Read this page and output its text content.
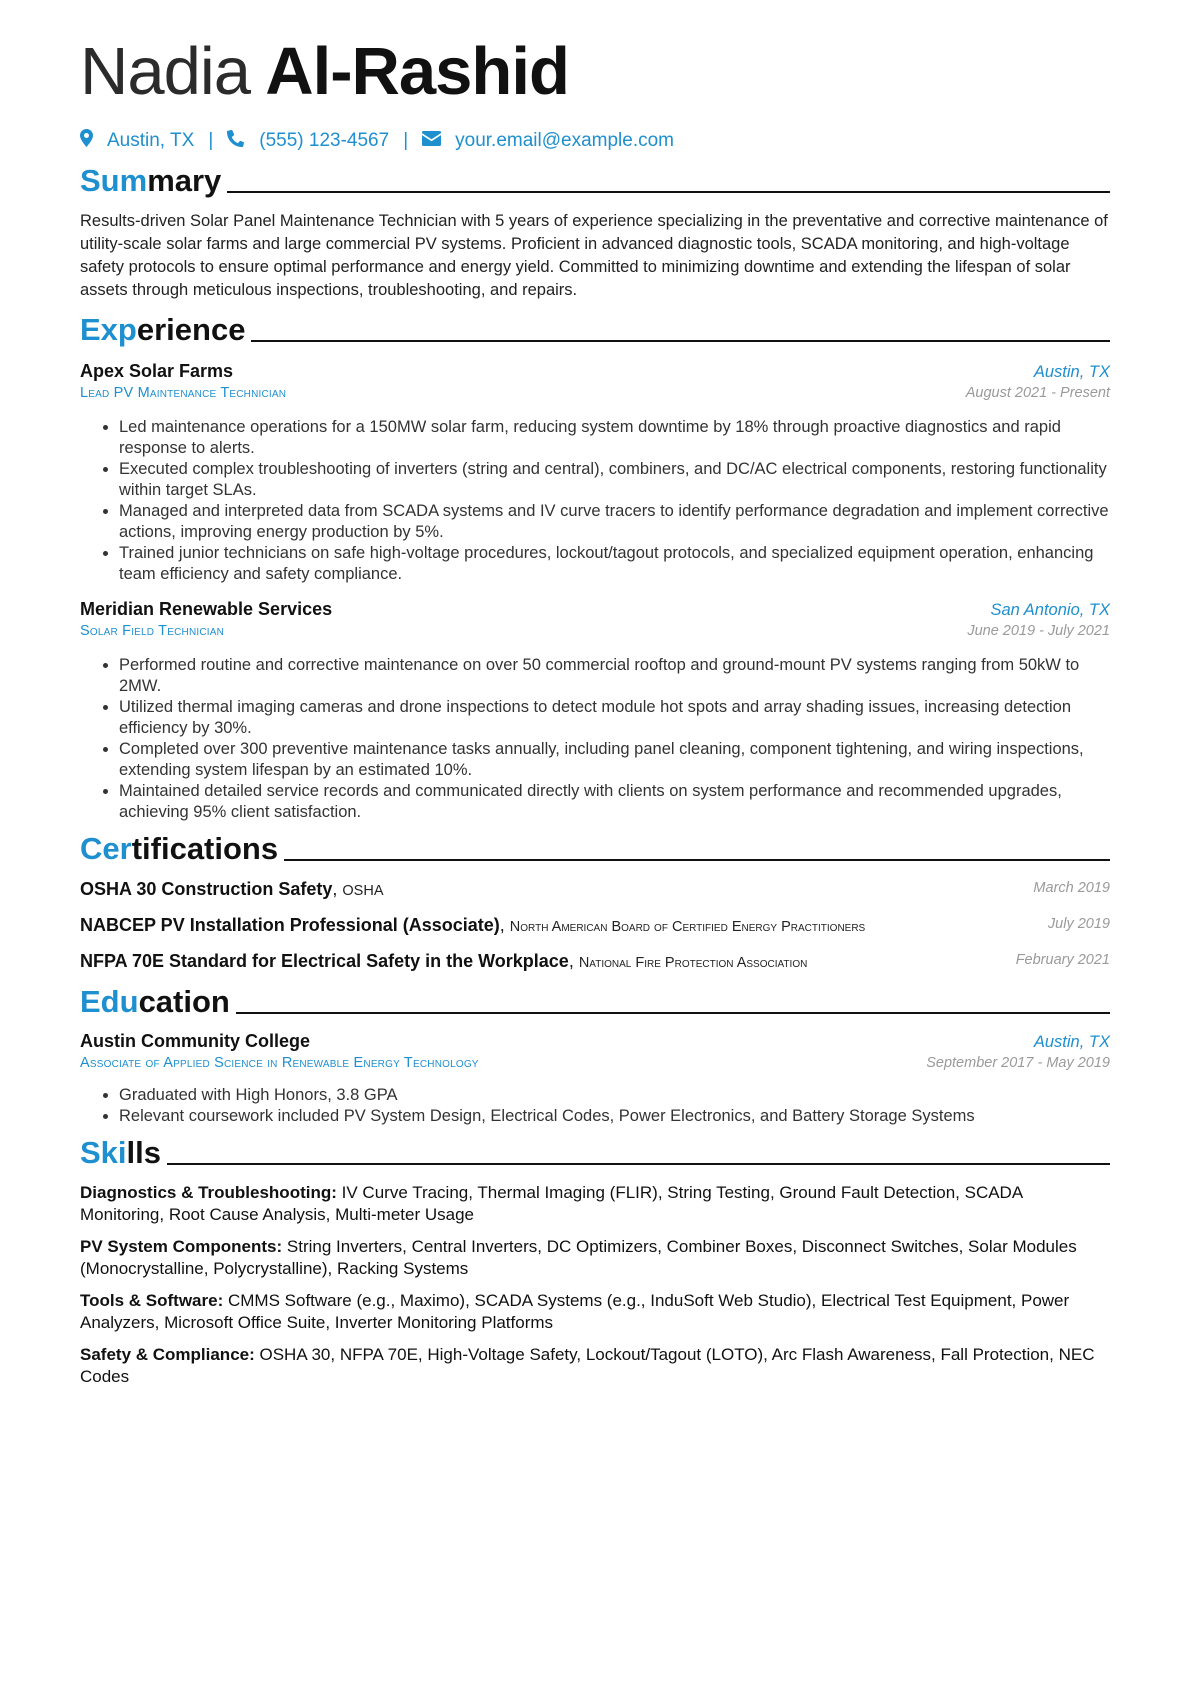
Nadia Al-Rashid
Austin, TX | (555) 123-4567 | your.email@example.com
Summary
Results-driven Solar Panel Maintenance Technician with 5 years of experience specializing in the preventative and corrective maintenance of utility-scale solar farms and large commercial PV systems. Proficient in advanced diagnostic tools, SCADA monitoring, and high-voltage safety protocols to ensure optimal performance and energy yield. Committed to minimizing downtime and extending the lifespan of solar assets through meticulous inspections, troubleshooting, and repairs.
Experience
Apex Solar Farms	Austin, TX
Lead PV Maintenance Technician	August 2021 - Present
• Led maintenance operations for a 150MW solar farm, reducing system downtime by 18% through proactive diagnostics and rapid response to alerts.
• Executed complex troubleshooting of inverters (string and central), combiners, and DC/AC electrical components, restoring functionality within target SLAs.
• Managed and interpreted data from SCADA systems and IV curve tracers to identify performance degradation and implement corrective actions, improving energy production by 5%.
• Trained junior technicians on safe high-voltage procedures, lockout/tagout protocols, and specialized equipment operation, enhancing team efficiency and safety compliance.
Meridian Renewable Services	San Antonio, TX
Solar Field Technician	June 2019 - July 2021
• Performed routine and corrective maintenance on over 50 commercial rooftop and ground-mount PV systems ranging from 50kW to 2MW.
• Utilized thermal imaging cameras and drone inspections to detect module hot spots and array shading issues, increasing detection efficiency by 30%.
• Completed over 300 preventive maintenance tasks annually, including panel cleaning, component tightening, and wiring inspections, extending system lifespan by an estimated 10%.
• Maintained detailed service records and communicated directly with clients on system performance and recommended upgrades, achieving 95% client satisfaction.
Certifications
OSHA 30 Construction Safety, OSHA	March 2019
NABCEP PV Installation Professional (Associate), North American Board of Certified Energy Practitioners	July 2019
NFPA 70E Standard for Electrical Safety in the Workplace, National Fire Protection Association	February 2021
Education
Austin Community College	Austin, TX
Associate of Applied Science in Renewable Energy Technology	September 2017 - May 2019
• Graduated with High Honors, 3.8 GPA
• Relevant coursework included PV System Design, Electrical Codes, Power Electronics, and Battery Storage Systems
Skills
Diagnostics & Troubleshooting: IV Curve Tracing, Thermal Imaging (FLIR), String Testing, Ground Fault Detection, SCADA Monitoring, Root Cause Analysis, Multi-meter Usage
PV System Components: String Inverters, Central Inverters, DC Optimizers, Combiner Boxes, Disconnect Switches, Solar Modules (Monocrystalline, Polycrystalline), Racking Systems
Tools & Software: CMMS Software (e.g., Maximo), SCADA Systems (e.g., InduSoft Web Studio), Electrical Test Equipment, Power Analyzers, Microsoft Office Suite, Inverter Monitoring Platforms
Safety & Compliance: OSHA 30, NFPA 70E, High-Voltage Safety, Lockout/Tagout (LOTO), Arc Flash Awareness, Fall Protection, NEC Codes
